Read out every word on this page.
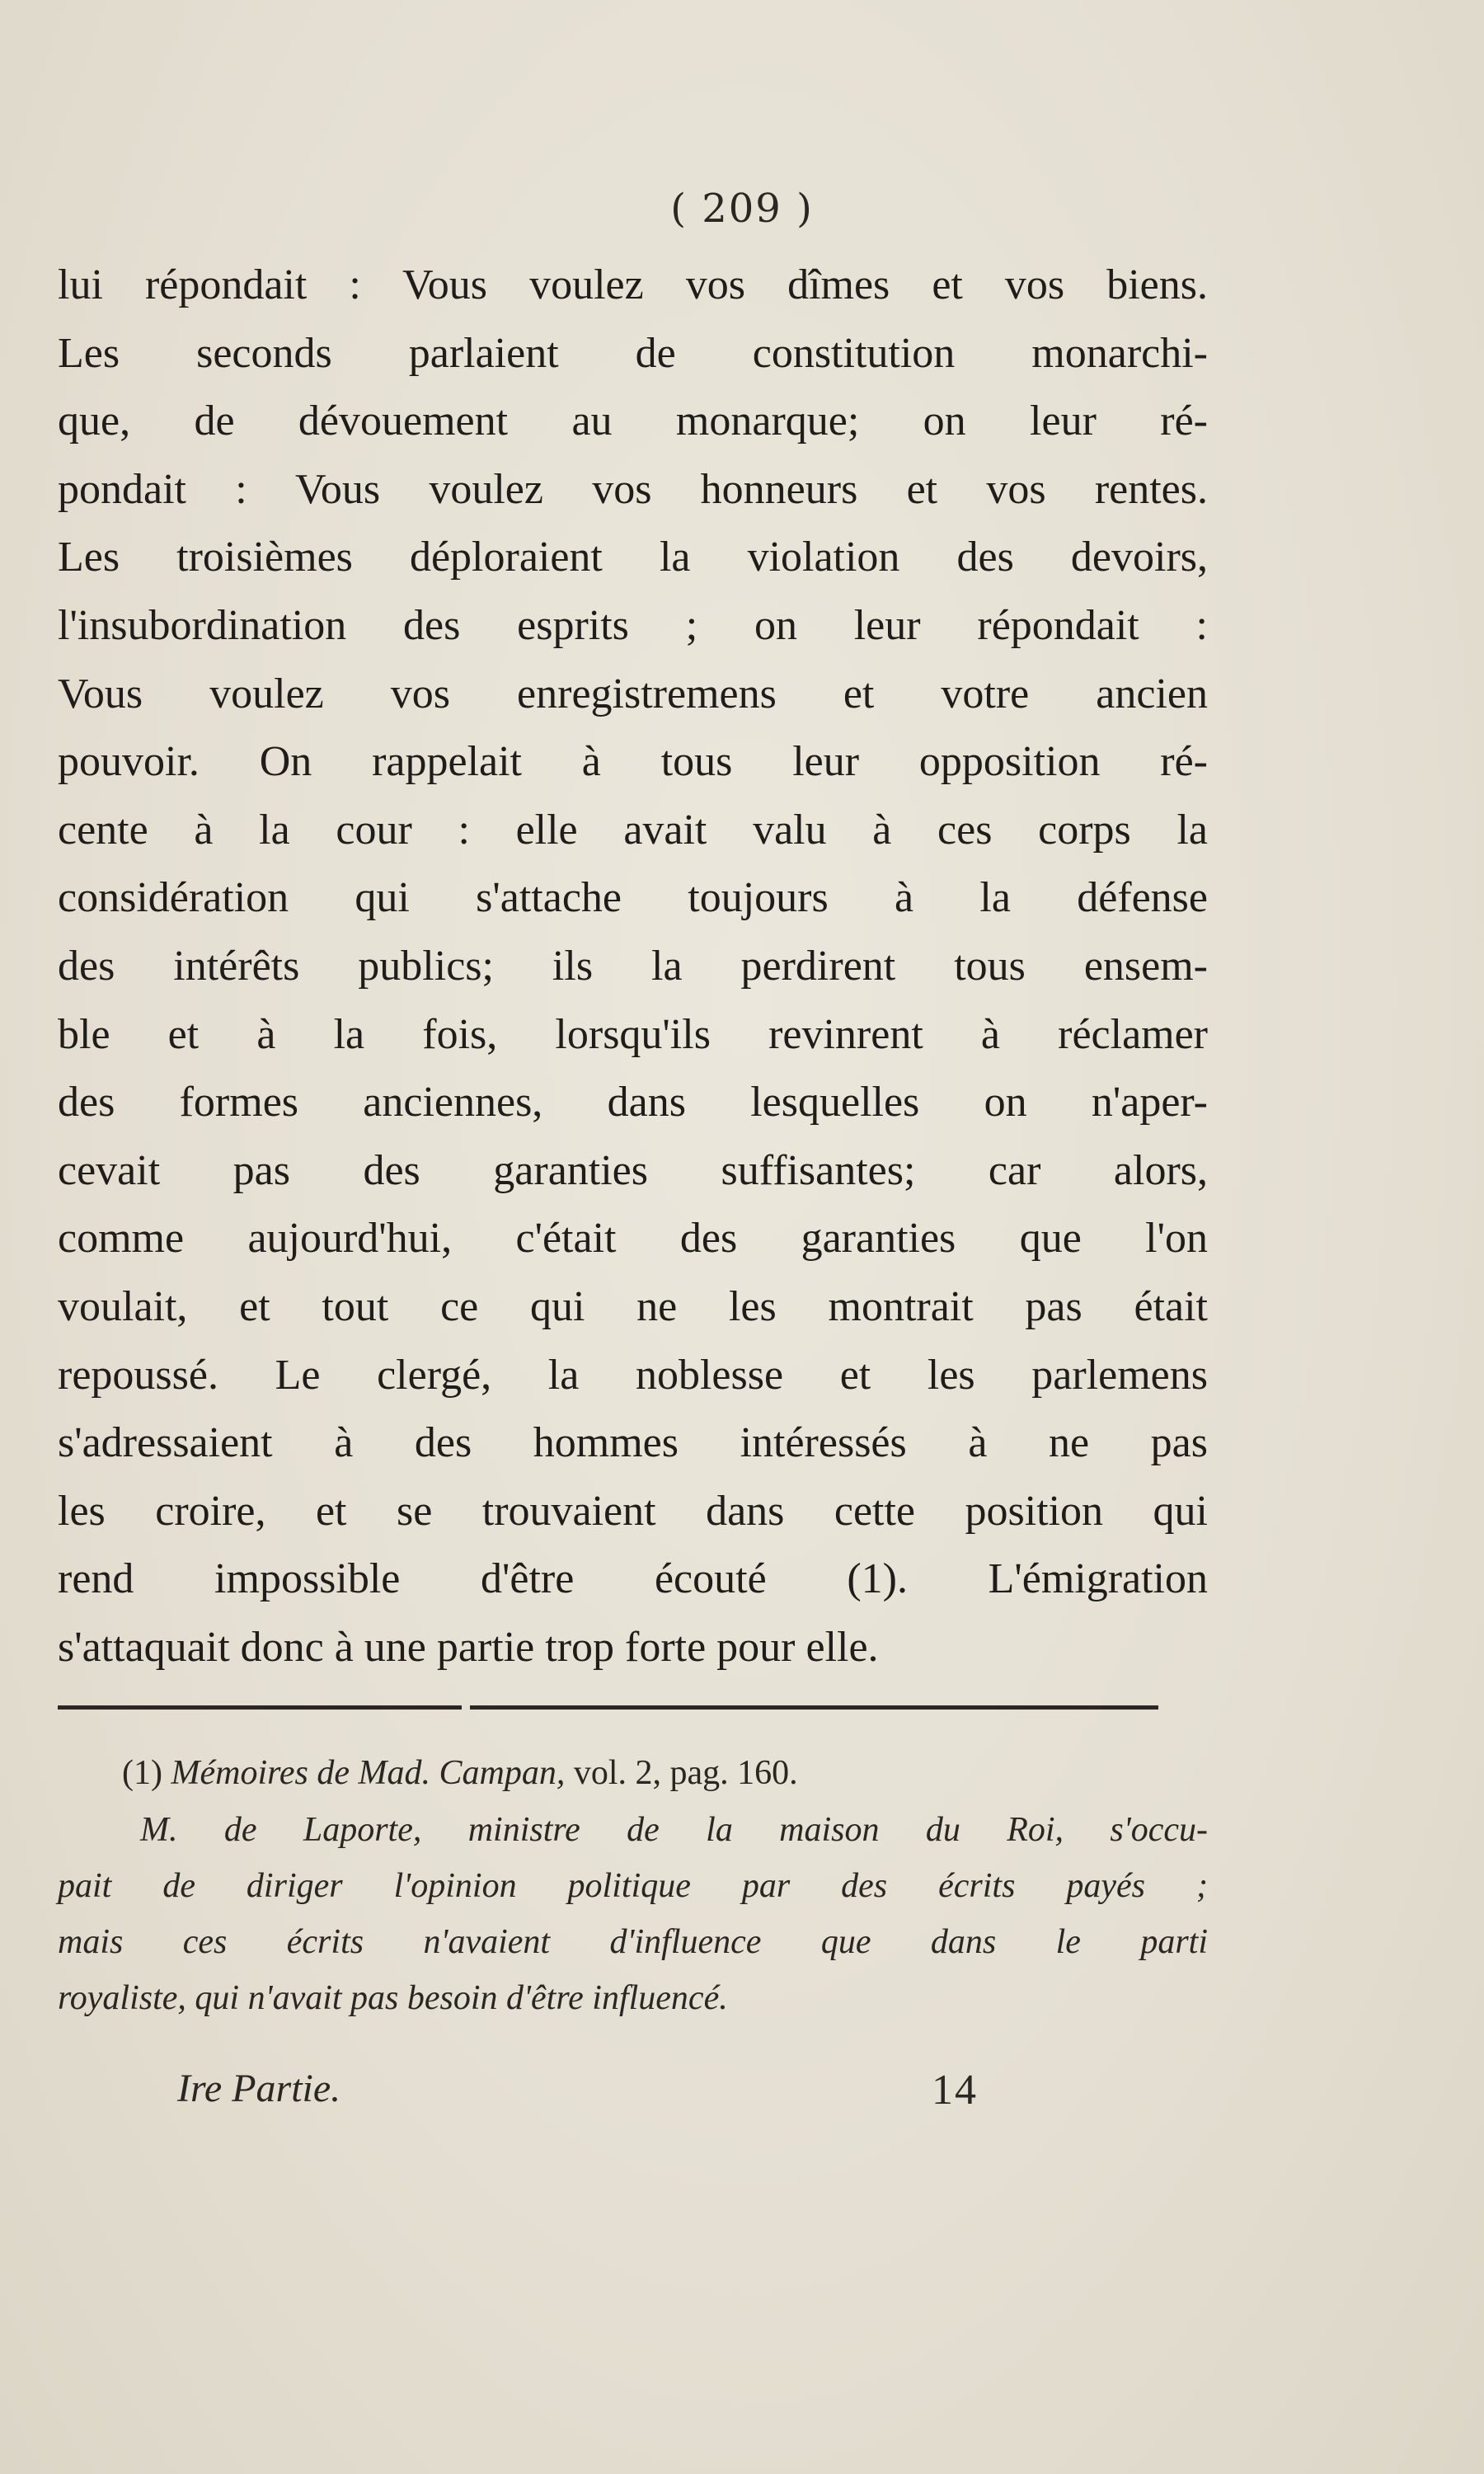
( 209 )
lui répondait : Vous voulez vos dîmes et vos biens.
Les seconds parlaient de constitution monarchi-
que, de dévouement au monarque; on leur ré-
pondait : Vous voulez vos honneurs et vos rentes.
Les troisièmes déploraient la violation des devoirs,
l'insubordination des esprits ; on leur répondait :
Vous voulez vos enregistremens et votre ancien
pouvoir. On rappelait à tous leur opposition ré-
cente à la cour : elle avait valu à ces corps la
considération qui s'attache toujours à la défense
des intérêts publics; ils la perdirent tous ensem-
ble et à la fois, lorsqu'ils revinrent à réclamer
des formes anciennes, dans lesquelles on n'aper-
cevait pas des garanties suffisantes; car alors,
comme aujourd'hui, c'était des garanties que l'on
voulait, et tout ce qui ne les montrait pas était
repoussé. Le clergé, la noblesse et les parlemens
s'adressaient à des hommes intéressés à ne pas
les croire, et se trouvaient dans cette position qui
rend impossible d'être écouté (1). L'émigration
s'attaquait donc à une partie trop forte pour elle.
(1) Mémoires de Mad. Campan, vol. 2, pag. 160.
M. de Laporte, ministre de la maison du Roi, s'occu-
pait de diriger l'opinion politique par des écrits payés ;
mais ces écrits n'avaient d'influence que dans le parti
royaliste, qui n'avait pas besoin d'être influencé.
Ire Partie.	14
